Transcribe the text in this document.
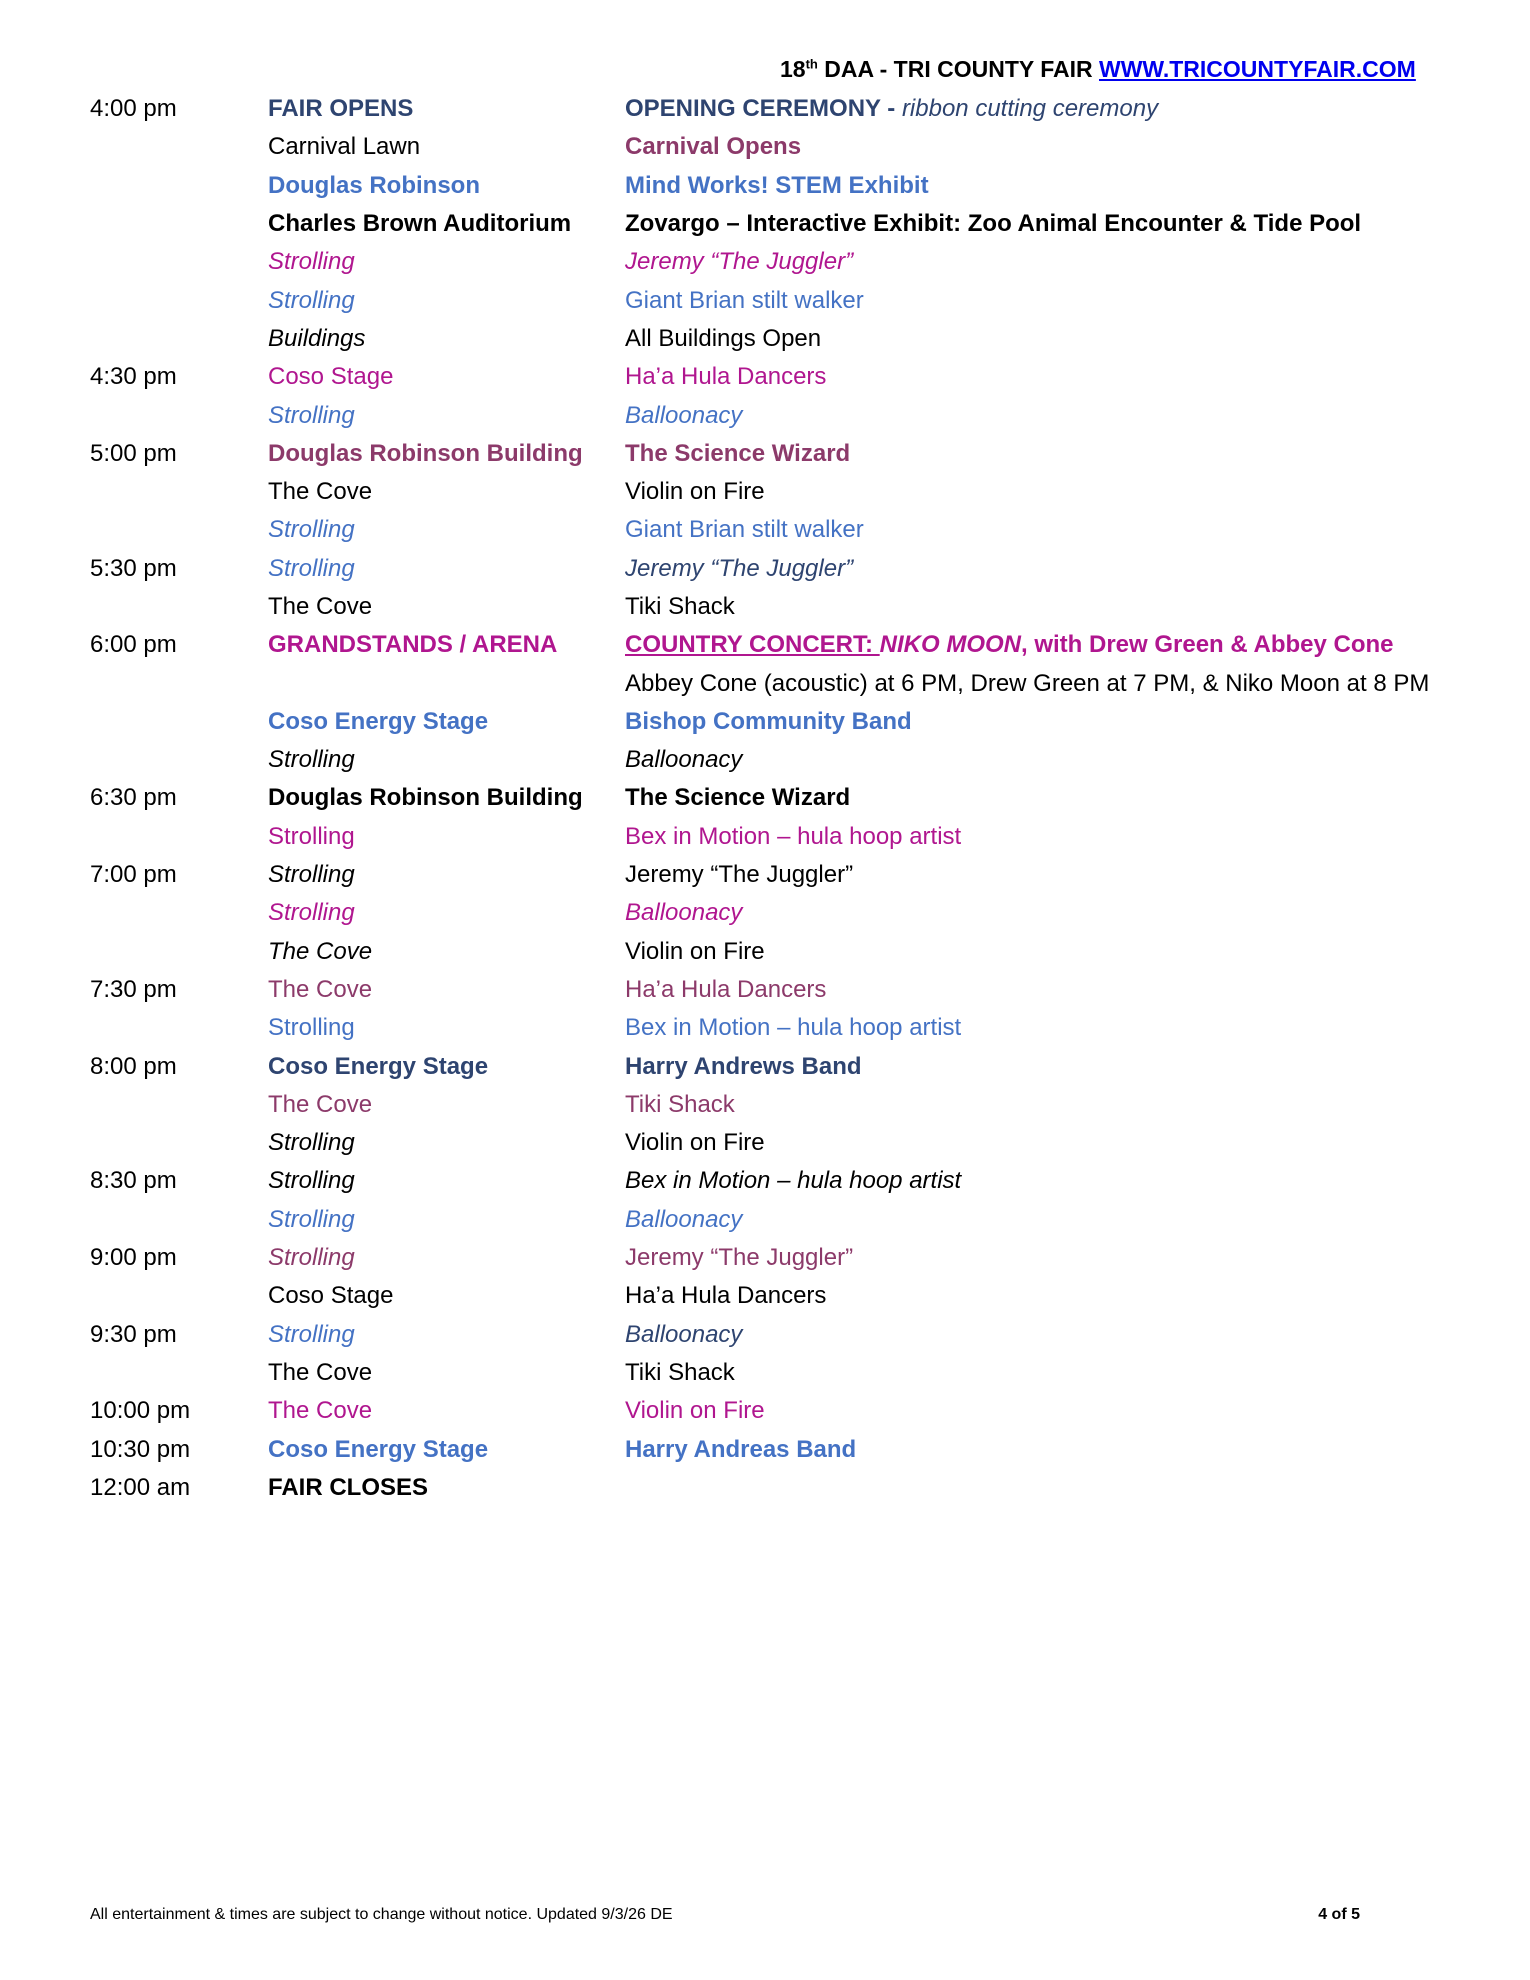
18th DAA - TRI COUNTY FAIR WWW.TRICOUNTYFAIR.COM
4:00 pm	FAIR OPENS	OPENING CEREMONY - ribbon cutting ceremony
Carnival Lawn	Carnival Opens
Douglas Robinson	Mind Works! STEM Exhibit
Charles Brown Auditorium	Zovargo – Interactive Exhibit: Zoo Animal Encounter & Tide Pool
Strolling	Jeremy “The Juggler”
Strolling	Giant Brian stilt walker
Buildings	All Buildings Open
4:30 pm	Coso Stage	Ha’a Hula Dancers
Strolling	Balloonacy
5:00 pm	Douglas Robinson Building	The Science Wizard
The Cove	Violin on Fire
Strolling	Giant Brian stilt walker
5:30 pm	Strolling	Jeremy “The Juggler”
The Cove	Tiki Shack
6:00 pm	GRANDSTANDS / ARENA	COUNTRY CONCERT: NIKO MOON, with Drew Green & Abbey Cone
Abbey Cone (acoustic) at 6 PM, Drew Green at 7 PM, & Niko Moon at 8 PM
Coso Energy Stage	Bishop Community Band
Strolling	Balloonacy
6:30 pm	Douglas Robinson Building	The Science Wizard
Strolling	Bex in Motion – hula hoop artist
7:00 pm	Strolling	Jeremy “The Juggler”
Strolling	Balloonacy
The Cove	Violin on Fire
7:30 pm	The Cove	Ha’a Hula Dancers
Strolling	Bex in Motion – hula hoop artist
8:00 pm	Coso Energy Stage	Harry Andrews Band
The Cove	Tiki Shack
Strolling	Violin on Fire
8:30 pm	Strolling	Bex in Motion – hula hoop artist
Strolling	Balloonacy
9:00 pm	Strolling	Jeremy “The Juggler”
Coso Stage	Ha’a Hula Dancers
9:30 pm	Strolling	Balloonacy
The Cove	Tiki Shack
10:00 pm	The Cove	Violin on Fire
10:30 pm	Coso Energy Stage	Harry Andreas Band
12:00 am	FAIR CLOSES
All entertainment & times are subject to change without notice. Updated 9/3/26 DE	4 of 5
